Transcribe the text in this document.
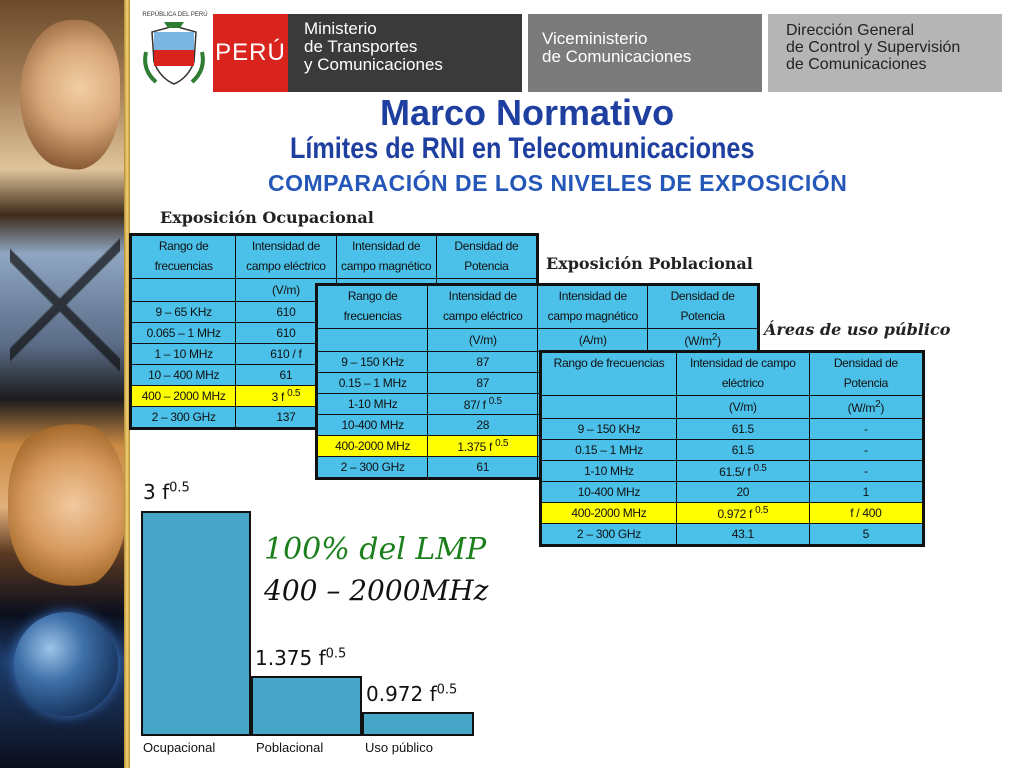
REPÚBLICA DEL PERÚ
PERÚ
Ministerio
de Transportes
y Comunicaciones
Viceministerio
de Comunicaciones
Dirección General
de Control y Supervisión
de Comunicaciones
Marco Normativo
Límites de RNI en Telecomunicaciones
COMPARACIÓN DE LOS NIVELES DE EXPOSICIÓN
Exposición Ocupacional
Exposición Poblacional
Áreas de uso público
Rango de frecuencias	Intensidad de campo eléctrico	Intensidad de campo magnético	Densidad de Potencia
	(V/m)		
9 – 65 KHz	610		
0.065 – 1 MHz	610		
1 – 10 MHz	610 / f		
10 – 400 MHz	61		
400 – 2000 MHz	3 f $^{0.5}$		
2 – 300 GHz	137		
Rango de frecuencias	Intensidad de campo eléctrico	Intensidad de campo magnético	Densidad de Potencia
	(V/m)	(A/m)	$(W/m^2)$
9 – 150 KHz	87		
0.15 – 1 MHz	87		
1-10 MHz	87/ f $^{0.5}$		
10-400 MHz	28		
400-2000 MHz	1.375 f $^{0.5}$		
2 – 300 GHz	61		
Rango de frecuencias	Intensidad de campo eléctrico	Densidad de Potencia
	(V/m)	$(W/m^2)$
9 – 150 KHz	61.5	-
0.15 – 1 MHz	61.5	-
1-10 MHz	61.5/ f $^{0.5}$	-
10-400 MHz	20	1
400-2000 MHz	0.972 f $^{0.5}$	f / 400
2 – 300 GHz	43.1	5
3 $f^{0.5}$
1.375 $f^{0.5}$
0.972 $f^{0.5}$
Ocupacional	Poblacional	Uso público
100% del LMP
400 – 2000MHz
